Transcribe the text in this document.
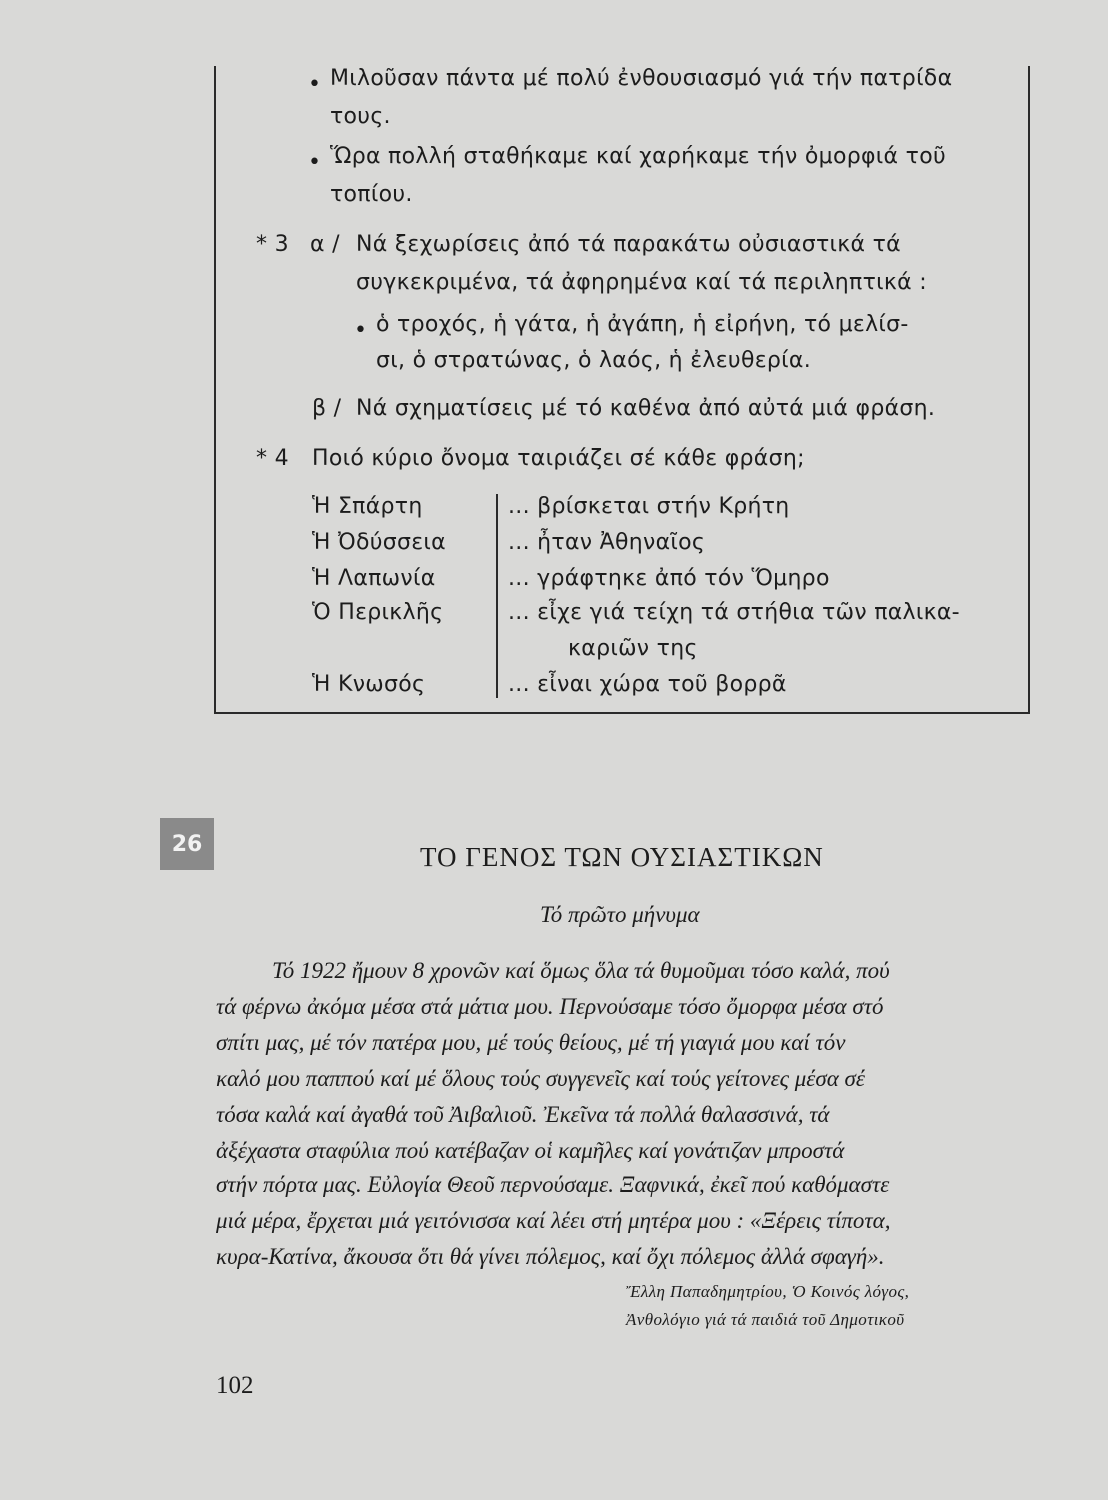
• Μιλοῦσαν πάντα μέ πολύ ἐνθουσιασμό γιά τήν πατρίδα
τους.
• Ὥρα πολλή σταθήκαμε καί χαρήκαμε τήν ὀμορφιά τοῦ
τοπίου.
* 3 α / Νά ξεχωρίσεις ἀπό τά παρακάτω οὐσιαστικά τά
συγκεκριμένα, τά ἀφηρημένα καί τά περιληπτικά :
• ὁ τροχός, ἡ γάτα, ἡ ἀγάπη, ἡ εἰρήνη, τό μελίσ-
σι, ὁ στρατώνας, ὁ λαός, ἡ ἐλευθερία.
β / Νά σχηματίσεις μέ τό καθένα ἀπό αὐτά μιά φράση.
* 4 Ποιό κύριο ὄνομα ταιριάζει σέ κάθε φράση;
Ἡ Σπάρτη
Ἡ Ὀδύσσεια
Ἡ Λαπωνία
Ὁ Περικλῆς
Ἡ Κνωσός
... βρίσκεται στήν Κρήτη
... ἦταν Ἀθηναῖος
... γράφτηκε ἀπό τόν Ὅμηρο
... εἶχε γιά τείχη τά στήθια τῶν παλικα-
καριῶν της
... εἶναι χώρα τοῦ βορρᾶ
26	ΤΟ ΓΕΝΟΣ ΤΩΝ ΟΥΣΙΑΣΤΙΚΩΝ
Τό πρῶτο μήνυμα
Τό 1922 ἤμουν 8 χρονῶν καί ὅμως ὅλα τά θυμοῦμαι τόσο καλά, πού
τά φέρνω ἀκόμα μέσα στά μάτια μου. Περνούσαμε τόσο ὄμορφα μέσα στό
σπίτι μας, μέ τόν πατέρα μου, μέ τούς θείους, μέ τή γιαγιά μου καί τόν
καλό μου παππού καί μέ ὅλους τούς συγγενεῖς καί τούς γείτονες μέσα σέ
τόσα καλά καί ἀγαθά τοῦ Ἀιβαλιοῦ. Ἐκεῖνα τά πολλά θαλασσινά, τά
ἀξέχαστα σταφύλια πού κατέβαζαν οἱ καμῆλες καί γονάτιζαν μπροστά
στήν πόρτα μας. Εὐλογία Θεοῦ περνούσαμε. Ξαφνικά, ἐκεῖ πού καθόμαστε
μιά μέρα, ἔρχεται μιά γειτόνισσα καί λέει στή μητέρα μου : «Ξέρεις τίποτα,
κυρα-Κατίνα, ἄκουσα ὅτι θά γίνει πόλεμος, καί ὄχι πόλεμος ἀλλά σφαγή».
Ἔλλη Παπαδημητρίου, Ὁ Κοινός λόγος,
Ἀνθολόγιο γιά τά παιδιά τοῦ Δημοτικοῦ
102
